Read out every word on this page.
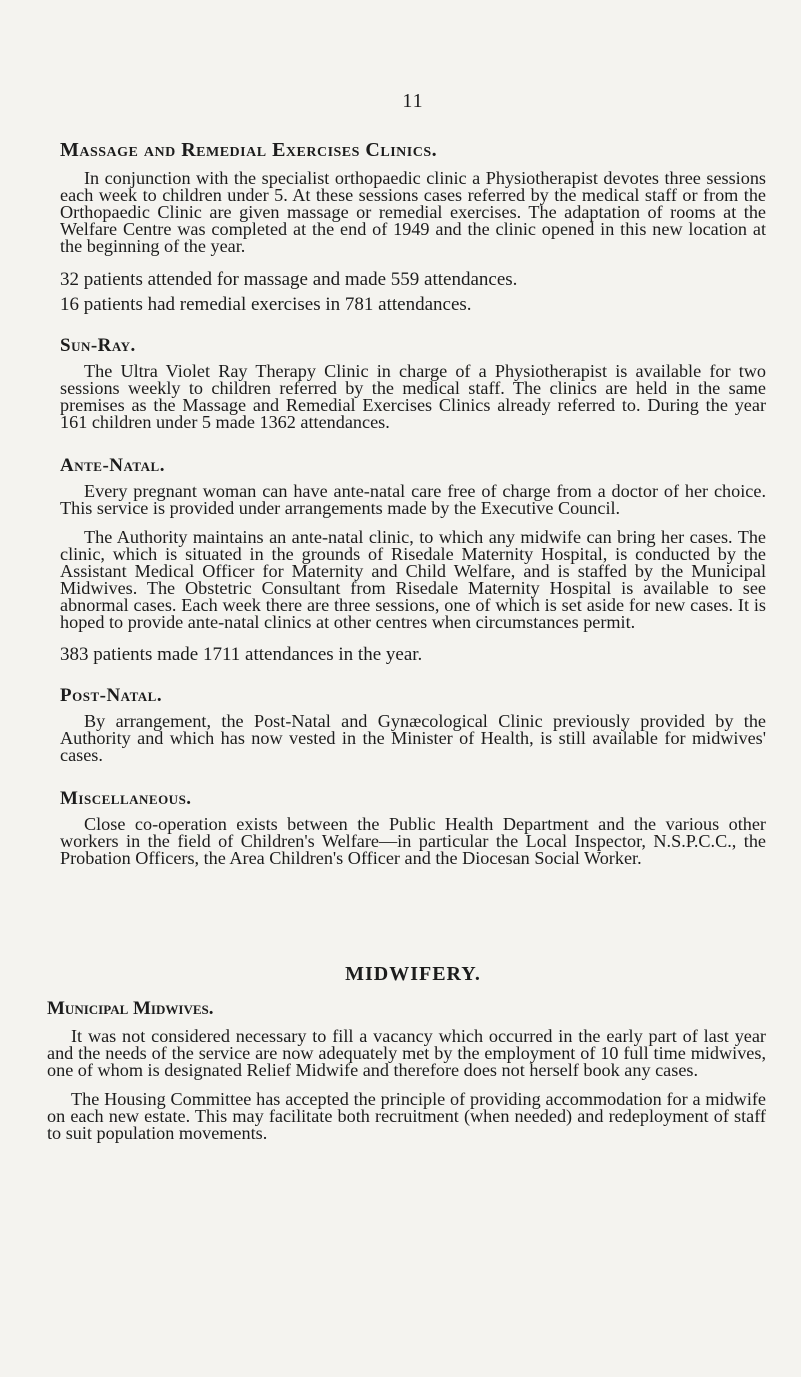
11
Massage and Remedial Exercises Clinics.

In conjunction with the specialist orthopaedic clinic a Physiotherapist devotes three sessions each week to children under 5. At these sessions cases referred by the medical staff or from the Orthopaedic Clinic are given massage or remedial exercises. The adaptation of rooms at the Welfare Centre was completed at the end of 1949 and the clinic opened in this new location at the beginning of the year.

32 patients attended for massage and made 559 attendances.

16 patients had remedial exercises in 781 attendances.

Sun-Ray.

The Ultra Violet Ray Therapy Clinic in charge of a Physiotherapist is available for two sessions weekly to children referred by the medical staff. The clinics are held in the same premises as the Massage and Remedial Exercises Clinics already referred to. During the year 161 children under 5 made 1362 attendances.

Ante-Natal.

Every pregnant woman can have ante-natal care free of charge from a doctor of her choice. This service is provided under arrangements made by the Executive Council.

The Authority maintains an ante-natal clinic, to which any midwife can bring her cases. The clinic, which is situated in the grounds of Risedale Maternity Hospital, is conducted by the Assistant Medical Officer for Maternity and Child Welfare, and is staffed by the Municipal Midwives. The Obstetric Consultant from Risedale Maternity Hospital is available to see abnormal cases. Each week there are three sessions, one of which is set aside for new cases. It is hoped to provide ante-natal clinics at other centres when circumstances permit.

383 patients made 1711 attendances in the year.

Post-Natal.

By arrangement, the Post-Natal and Gynæcological Clinic previously provided by the Authority and which has now vested in the Minister of Health, is still available for midwives' cases.

Miscellaneous.

Close co-operation exists between the Public Health Department and the various other workers in the field of Children's Welfare—in particular the Local Inspector, N.S.P.C.C., the Probation Officers, the Area Children's Officer and the Diocesan Social Worker.

MIDWIFERY.
Municipal Midwives.

It was not considered necessary to fill a vacancy which occurred in the early part of last year and the needs of the service are now adequately met by the employment of 10 full time midwives, one of whom is designated Relief Midwife and therefore does not herself book any cases.

The Housing Committee has accepted the principle of providing accommodation for a midwife on each new estate. This may facilitate both recruitment (when needed) and redeployment of staff to suit population movements.
